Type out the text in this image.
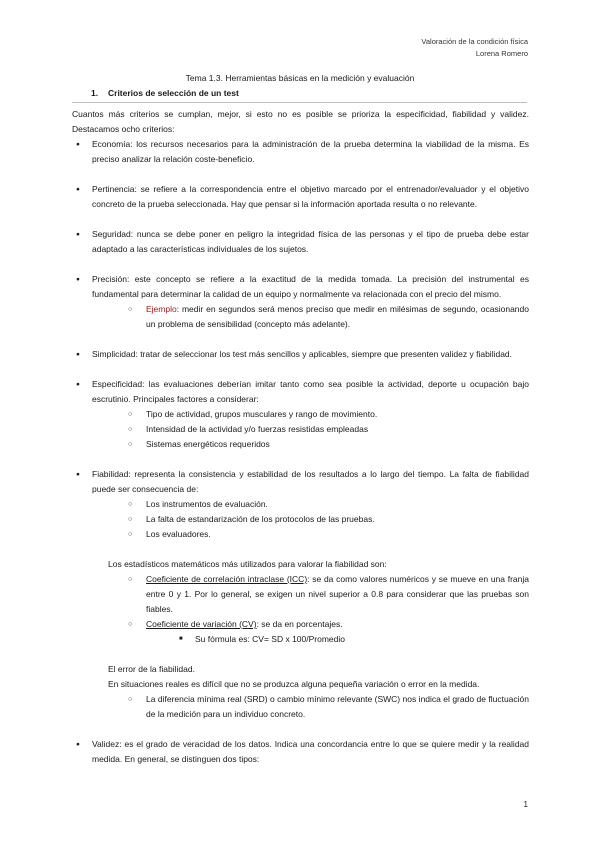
Valoración de la condición física
Lorena Romero
Tema 1.3. Herramientas básicas en la medición y evaluación
1. Criterios de selección de un test

Cuantos más criterios se cumplan, mejor, si esto no es posible se prioriza la especificidad, fiabilidad y validez. Destacamos ocho criterios:

● Economía: los recursos necesarios para la administración de la prueba determina la viabilidad de la misma. Es preciso analizar la relación coste-beneficio.
● Pertinencia: se refiere a la correspondencia entre el objetivo marcado por el entrenador/evaluador y el objetivo concreto de la prueba seleccionada. Hay que pensar si la información aportada resulta o no relevante.
● Seguridad: nunca se debe poner en peligro la integridad física de las personas y el tipo de prueba debe estar adaptado a las características individuales de los sujetos.
● Precisión: este concepto se refiere a la exactitud de la medida tomada. La precisión del instrumental es fundamental para determinar la calidad de un equipo y normalmente va relacionada con el precio del mismo.
○ Ejemplo: medir en segundos será menos preciso que medir en milésimas de segundo, ocasionando un problema de sensibilidad (concepto más adelante).
● Simplicidad: tratar de seleccionar los test más sencillos y aplicables, siempre que presenten validez y fiabilidad.
● Especificidad: las evaluaciones deberían imitar tanto como sea posible la actividad, deporte u ocupación bajo escrutinio. Principales factores a considerar:
○ Tipo de actividad, grupos musculares y rango de movimiento.
○ Intensidad de la actividad y/o fuerzas resistidas empleadas
○ Sistemas energéticos requeridos
● Fiabilidad: representa la consistencia y estabilidad de los resultados a lo largo del tiempo. La falta de fiabilidad puede ser consecuencia de:
○ Los instrumentos de evaluación.
○ La falta de estandarización de los protocolos de las pruebas.
○ Los evaluadores.
Los estadísticos matemáticos más utilizados para valorar la fiabilidad son:
○ Coeficiente de correlación intraclase (ICC): se da como valores numéricos y se mueve en una franja entre 0 y 1. Por lo general, se exigen un nivel superior a 0.8 para considerar que las pruebas son fiables.
○ Coeficiente de variación (CV): se da en porcentajes.
■ Su fórmula es: CV= SD x 100/Promedio
El error de la fiabilidad.
En situaciones reales es difícil que no se produzca alguna pequeña variación o error en la medida.
○ La diferencia mínima real (SRD) o cambio mínimo relevante (SWC) nos indica el grado de fluctuación de la medición para un individuo concreto.
● Validez: es el grado de veracidad de los datos. Indica una concordancia entre lo que se quiere medir y la realidad medida. En general, se distinguen dos tipos:
1
